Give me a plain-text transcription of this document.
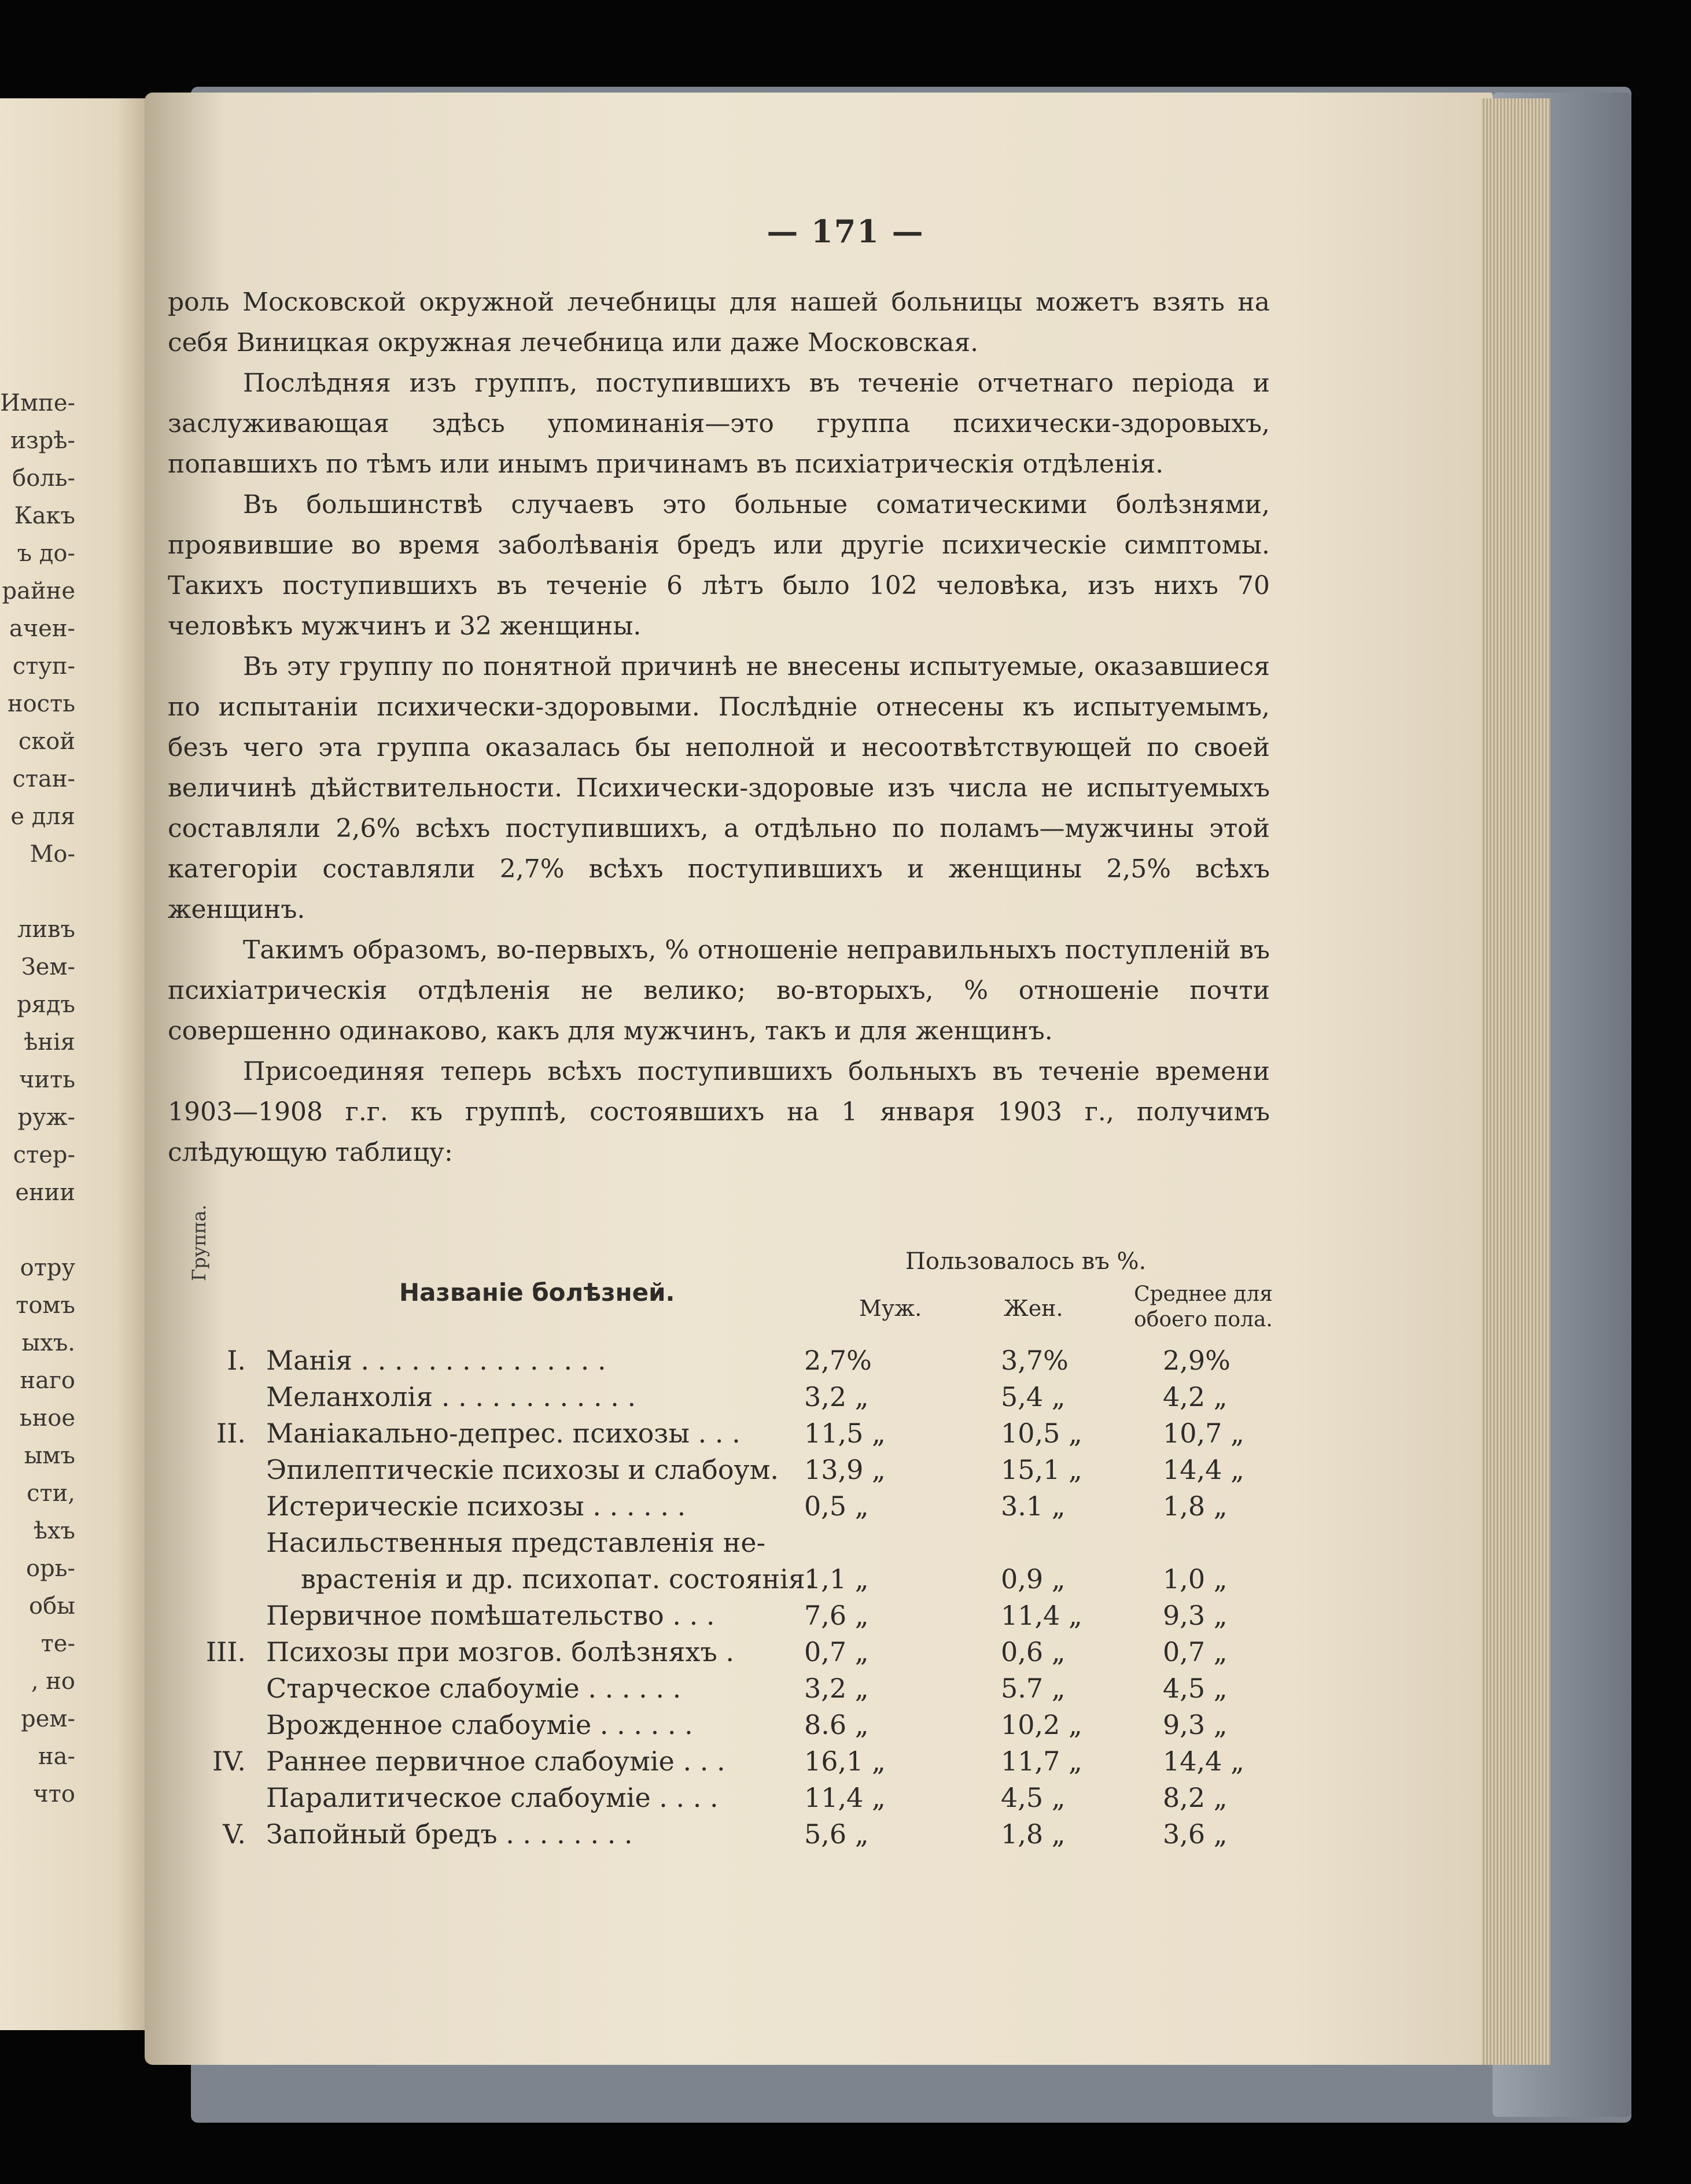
Импе-
изрѣ-
боль-
Какъ
ъ до-
райне
ачен-
ступ-
ность
ской
стан-
е для
Мо-

ливъ
Зем-
рядъ
ѣнія
чить
руж-
стер-
ении

отру
томъ
ыхъ.
наго
ьное
ымъ
сти,
ѣхъ
орь-
обы
те-
, но
рем-
на-
что
— 171 —

роль Московской окружной лечебницы для нашей больницы можетъ взять на себя Виницкая окружная лечебница или даже Московская.

Послѣдняя изъ группъ, поступившихъ въ теченіе отчетнаго періода и заслуживающая здѣсь упоминанія—это группа психически-здоровыхъ, попавшихъ по тѣмъ или инымъ причинамъ въ психіатрическія отдѣленія.

Въ большинствѣ случаевъ это больные соматическими болѣзнями, проявившие во время заболѣванія бредъ или другіе психическіе симптомы. Такихъ поступившихъ въ теченіе 6 лѣтъ было 102 человѣка, изъ нихъ 70 человѣкъ мужчинъ и 32 женщины.

Въ эту группу по понятной причинѣ не внесены испытуемые, оказавшиеся по испытаніи психически-здоровыми. Послѣдніе отнесены къ испытуемымъ, безъ чего эта группа оказалась бы неполной и несоотвѣтствующей по своей величинѣ дѣйствительности. Психически-здоровые изъ числа не испытуемыхъ составляли 2,6% всѣхъ поступившихъ, а отдѣльно по поламъ—мужчины этой категоріи составляли 2,7% всѣхъ поступившихъ и женщины 2,5% всѣхъ женщинъ.

Такимъ образомъ, во-первыхъ, % отношеніе неправильныхъ поступленій въ психіатрическія отдѣленія не велико; во-вторыхъ, % отношеніе почти совершенно одинаково, какъ для мужчинъ, такъ и для женщинъ.

Присоединяя теперь всѣхъ поступившихъ больныхъ въ теченіе времени 1903—1908 г.г. къ группѣ, состоявшихъ на 1 января 1903 г., получимъ слѣдующую таблицу:

Группа.
Названіе болѣзней.
Пользовалось въ %.
Муж.	Жен.
Среднее для
обоего пола.
I. Манія . . . . . . . . . . . . . . .	2,7%	3,7%	2,9%
Меланхолія . . . . . . . . . . . .	3,2 „	5,4 „	4,2 „
II. Маніакально-депрес. психозы . . . 11,5 „	10,5 „	10,7 „
Эпилептическіе психозы и слабоум. 13,9 „	15,1 „	14,4 „
Истерическіе психозы . . . . . .	0,5 „	3.1 „	1,8 „
Насильственныя представленія не-
врастенія и др. психопат. состоянія.
1,1 „	0,9 „	1,0 „
Первичное помѣшательство . . .	7,6 „	11,4 „	9,3 „
III. Психозы при мозгов. болѣзняхъ .	0,7 „	0,6 „	0,7 „
Старческое слабоуміе . . . . . .	3,2 „	5.7 „	4,5 „
Врожденное слабоуміе . . . . . .	8.6 „	10,2 „	9,3 „
IV. Раннее первичное слабоуміе . . .	16,1 „	11,7 „	14,4 „
Паралитическое слабоуміе . . . .	11,4 „	4,5 „	8,2 „
V. Запойный бредъ . . . . . . . .	5,6 „	1,8 „	3,6 „
